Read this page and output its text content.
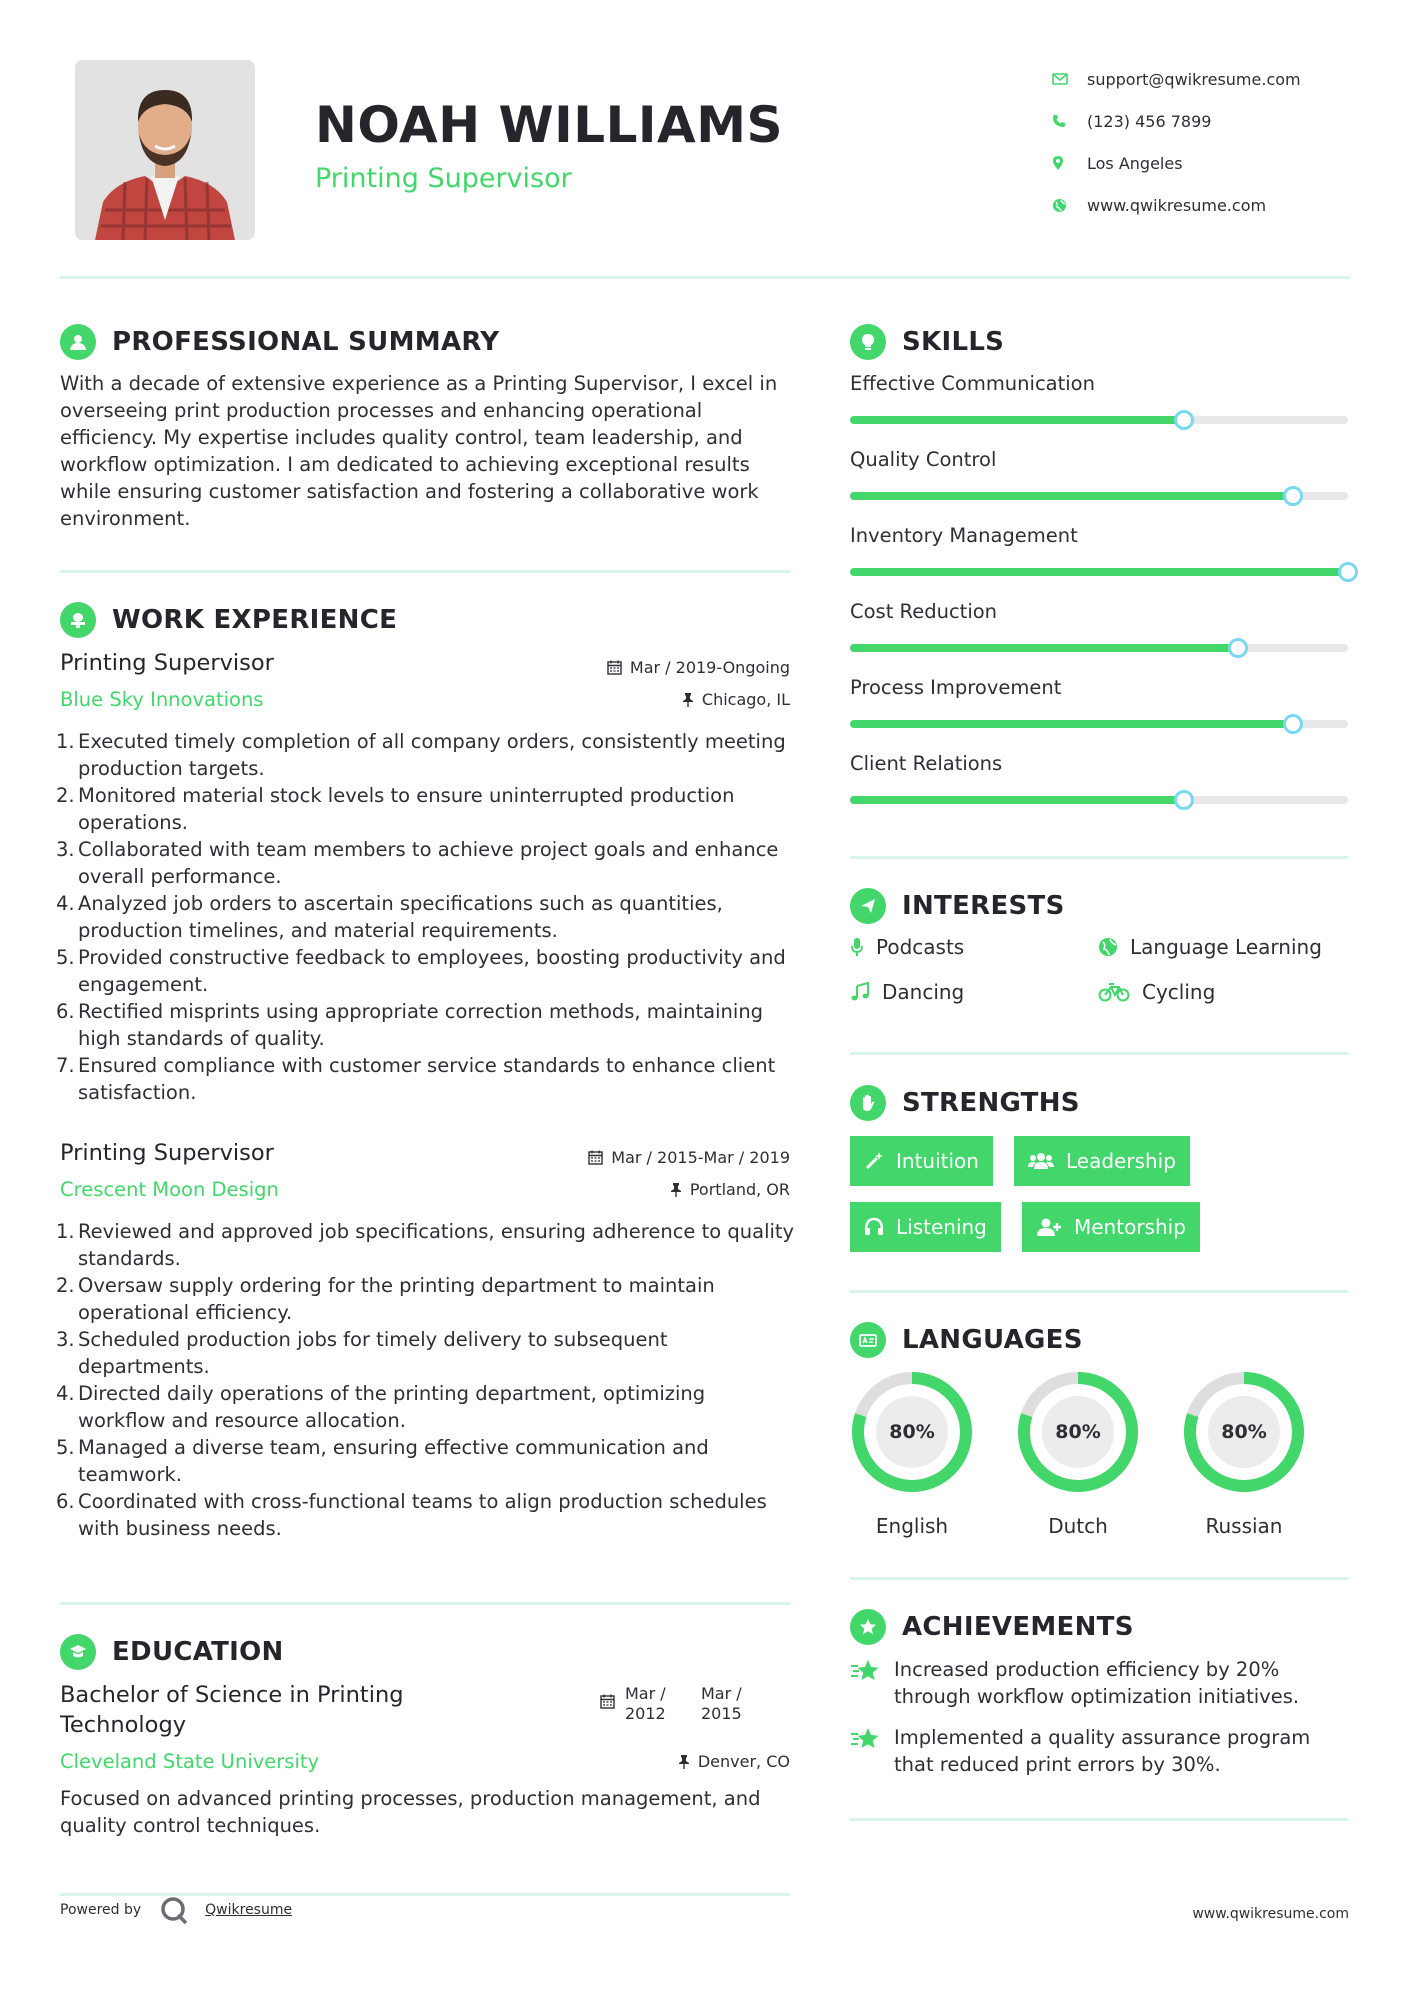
NOAH WILLIAMS
Printing Supervisor
support@qwikresume.com
(123) 456 7899
Los Angeles
www.qwikresume.com
PROFESSIONAL SUMMARY
With a decade of extensive experience as a Printing Supervisor, I excel in overseeing print production processes and enhancing operational efficiency. My expertise includes quality control, team leadership, and workflow optimization. I am dedicated to achieving exceptional results while ensuring customer satisfaction and fostering a collaborative work environment.
WORK EXPERIENCE
Printing Supervisor	Mar / 2019-Ongoing
Blue Sky Innovations	Chicago, IL
1. Executed timely completion of all company orders, consistently meeting production targets.
2. Monitored material stock levels to ensure uninterrupted production operations.
3. Collaborated with team members to achieve project goals and enhance overall performance.
4. Analyzed job orders to ascertain specifications such as quantities, production timelines, and material requirements.
5. Provided constructive feedback to employees, boosting productivity and engagement.
6. Rectified misprints using appropriate correction methods, maintaining high standards of quality.
7. Ensured compliance with customer service standards to enhance client satisfaction.
Printing Supervisor	Mar / 2015-Mar / 2019
Crescent Moon Design	Portland, OR
1. Reviewed and approved job specifications, ensuring adherence to quality standards.
2. Oversaw supply ordering for the printing department to maintain operational efficiency.
3. Scheduled production jobs for timely delivery to subsequent departments.
4. Directed daily operations of the printing department, optimizing workflow and resource allocation.
5. Managed a diverse team, ensuring effective communication and teamwork.
6. Coordinated with cross-functional teams to align production schedules with business needs.
EDUCATION
Bachelor of Science in Printing
Technology
Cleveland State University
Mar /
2012
Mar /
2015
Denver, CO
Focused on advanced printing processes, production management, and quality control techniques.
SKILLS
Effective Communication
Quality Control
Inventory Management
Cost Reduction
Process Improvement
Client Relations
INTERESTS
Podcasts	Language Learning
Dancing	Cycling
STRENGTHS
Intuition	Leadership
Listening	Mentorship
LANGUAGES
80%
English
80%
Dutch
80%
Russian
ACHIEVEMENTS
Increased production efficiency by 20%
through workflow optimization initiatives.
Implemented a quality assurance program
that reduced print errors by 30%.
Powered by	Qwikresume	www.qwikresume.com
